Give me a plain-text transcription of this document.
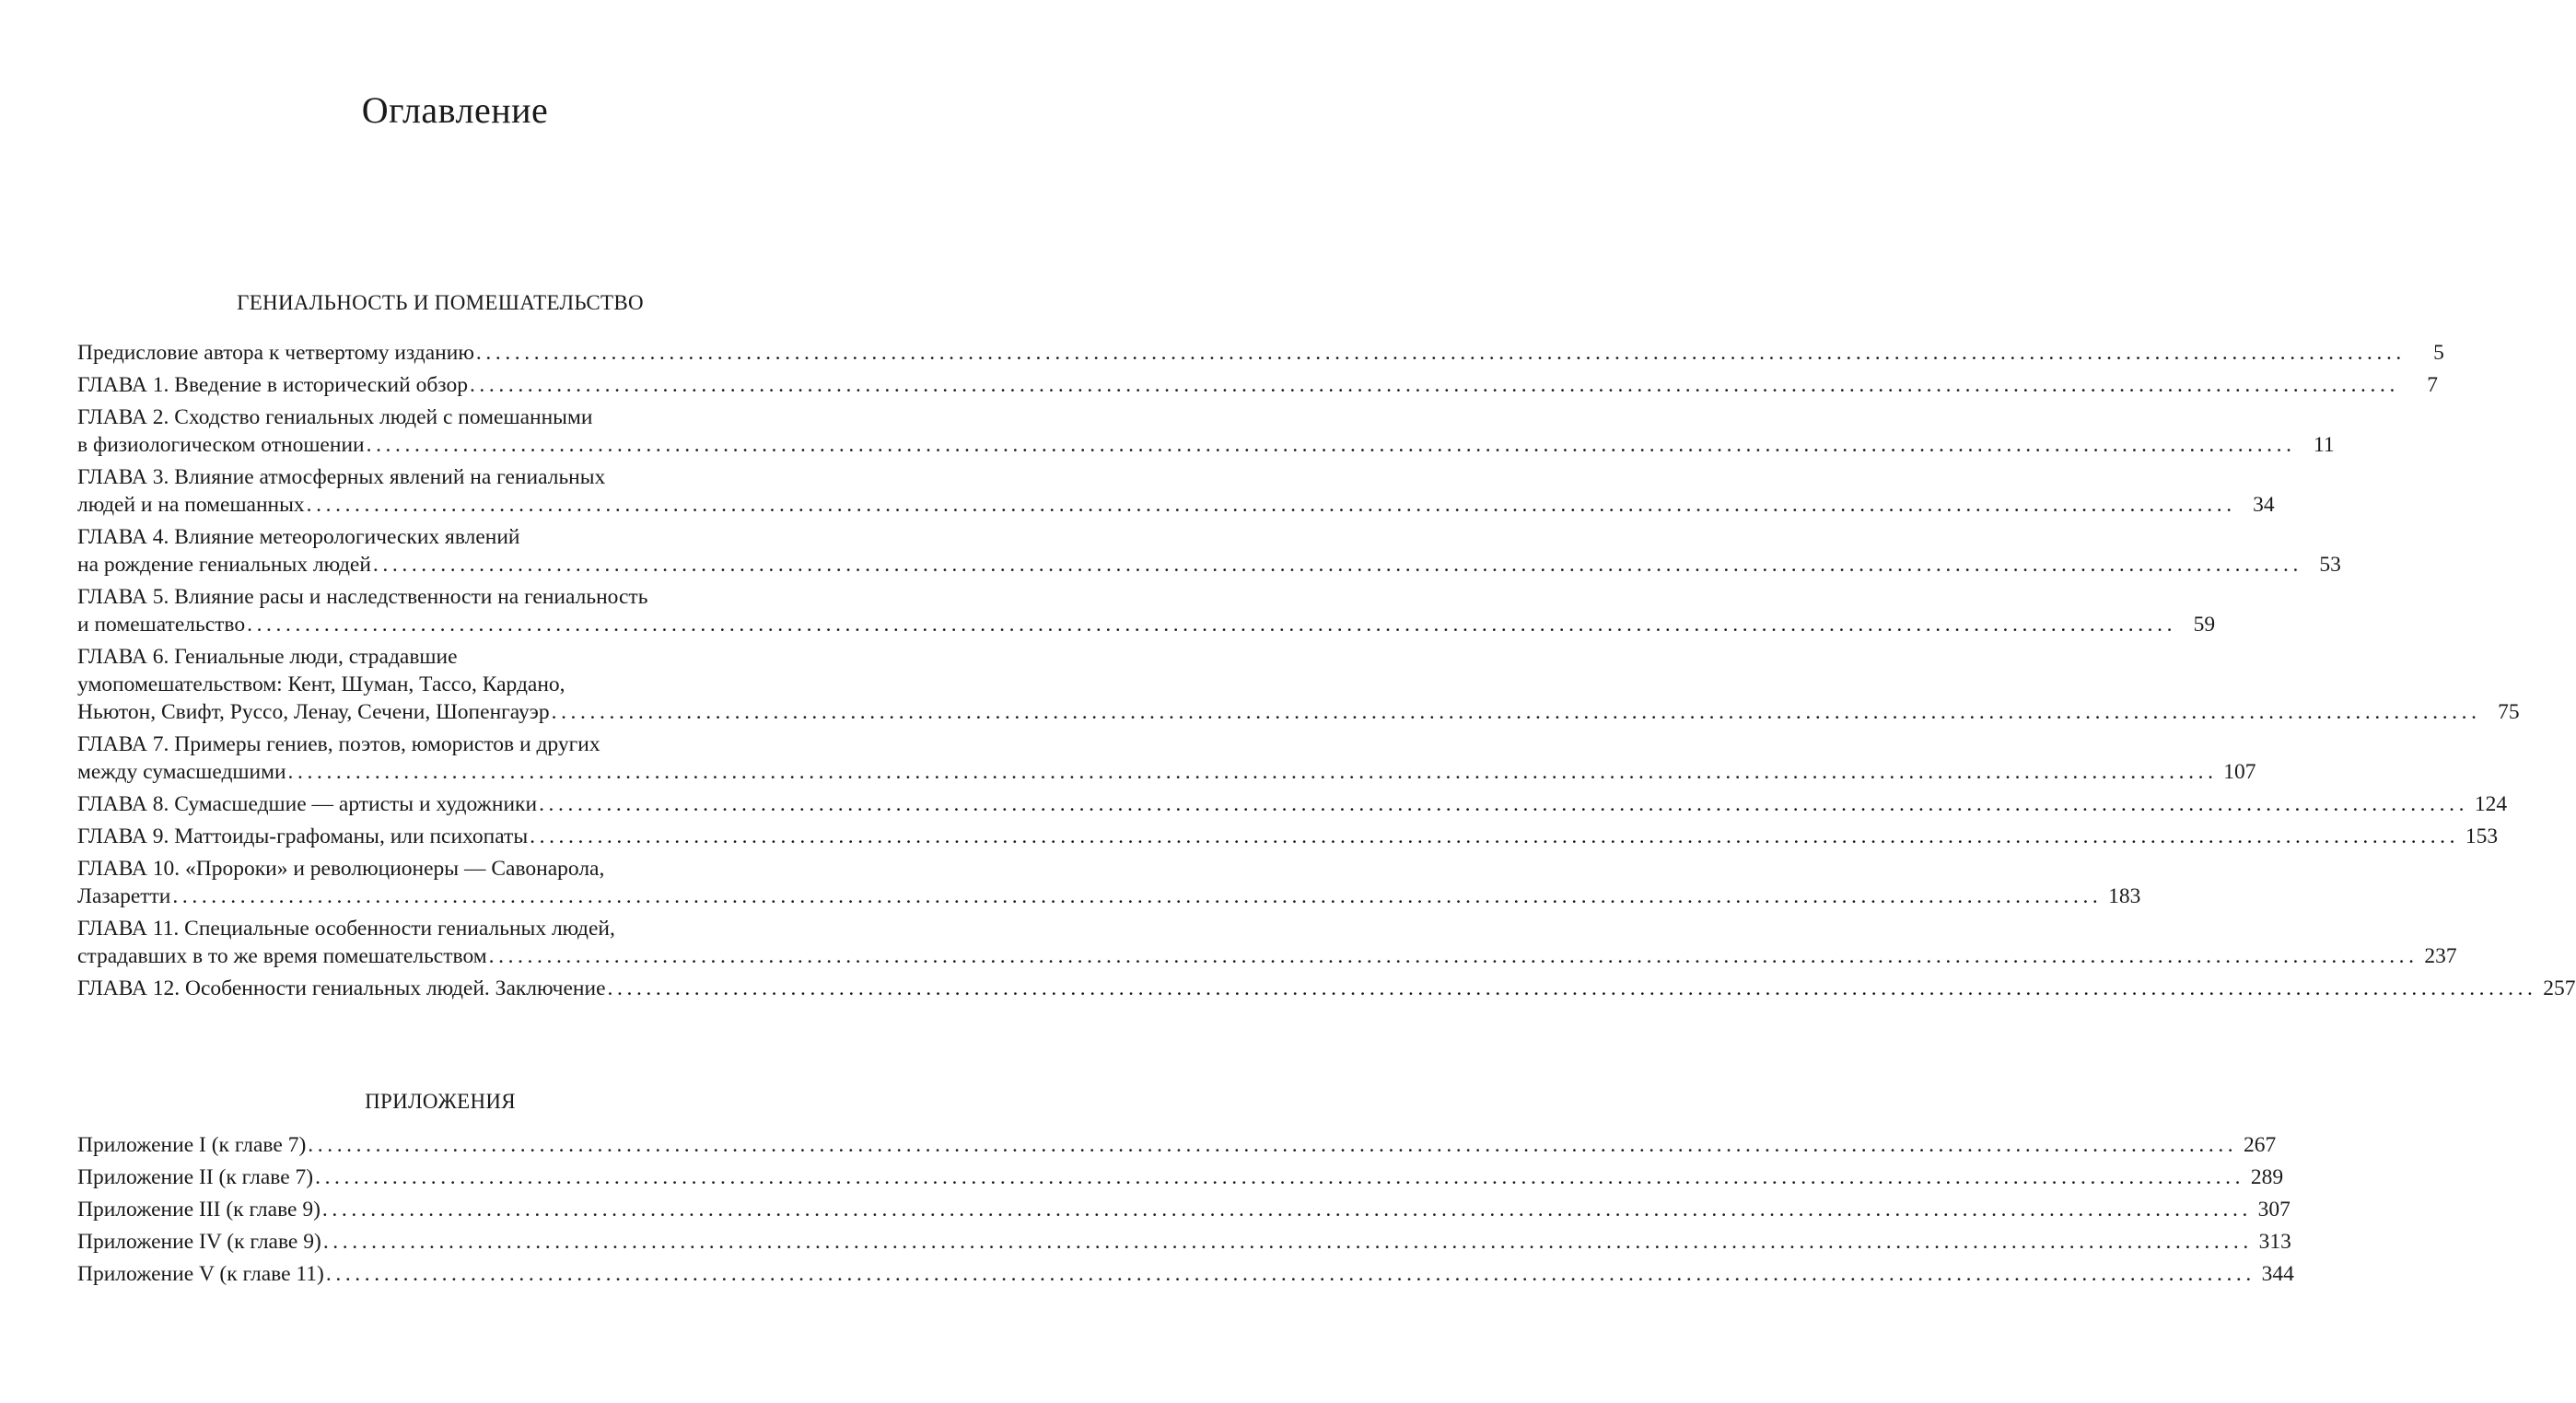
Оглавление
ГЕНИАЛЬНОСТЬ И ПОМЕШАТЕЛЬСТВО
Предисловие автора к четвертому изданию ........................................................................................................................................................................................................	5
ГЛАВА 1. Введение в исторический обзор ........................................................................................................................................................................................................	7
ГЛАВА 2. Сходство гениальных людей с помешанными
в физиологическом отношении ........................................................................................................................................................................................................ 11
ГЛАВА 3. Влияние атмосферных явлений на гениальных
людей и на помешанных ........................................................................................................................................................................................................ 34
ГЛАВА 4. Влияние метеорологических явлений
на рождение гениальных людей ........................................................................................................................................................................................................ 53
ГЛАВА 5. Влияние расы и наследственности на гениальность
и помешательство ........................................................................................................................................................................................................ 59
ГЛАВА 6. Гениальные люди, страдавшие
умопомешательством: Кент, Шуман, Тассо, Кардано,
Ньютон, Свифт, Руссо, Ленау, Сечени, Шопенгауэр ........................................................................................................................................................................................................ 75
ГЛАВА 7. Примеры гениев, поэтов, юмористов и других
между сумасшедшими ........................................................................................................................................................................................................ 107
ГЛАВА 8. Сумасшедшие — артисты и художники ........................................................................................................................................................................................................ 124
ГЛАВА 9. Маттоиды-графоманы, или психопаты ........................................................................................................................................................................................................ 153
ГЛАВА 10. «Пророки» и революционеры — Савонарола,
Лазаретти ........................................................................................................................................................................................................ 183
ГЛАВА 11. Специальные особенности гениальных людей,
страдавших в то же время помешательством ........................................................................................................................................................................................................ 237
ГЛАВА 12. Особенности гениальных людей. Заключение ........................................................................................................................................................................................................ 257
ПРИЛОЖЕНИЯ
Приложение I (к главе 7) ........................................................................................................................................................................................................ 267
Приложение II (к главе 7) ........................................................................................................................................................................................................ 289
Приложение III (к главе 9) ........................................................................................................................................................................................................ 307
Приложение IV (к главе 9) ........................................................................................................................................................................................................ 313
Приложение V (к главе 11) ........................................................................................................................................................................................................ 344
